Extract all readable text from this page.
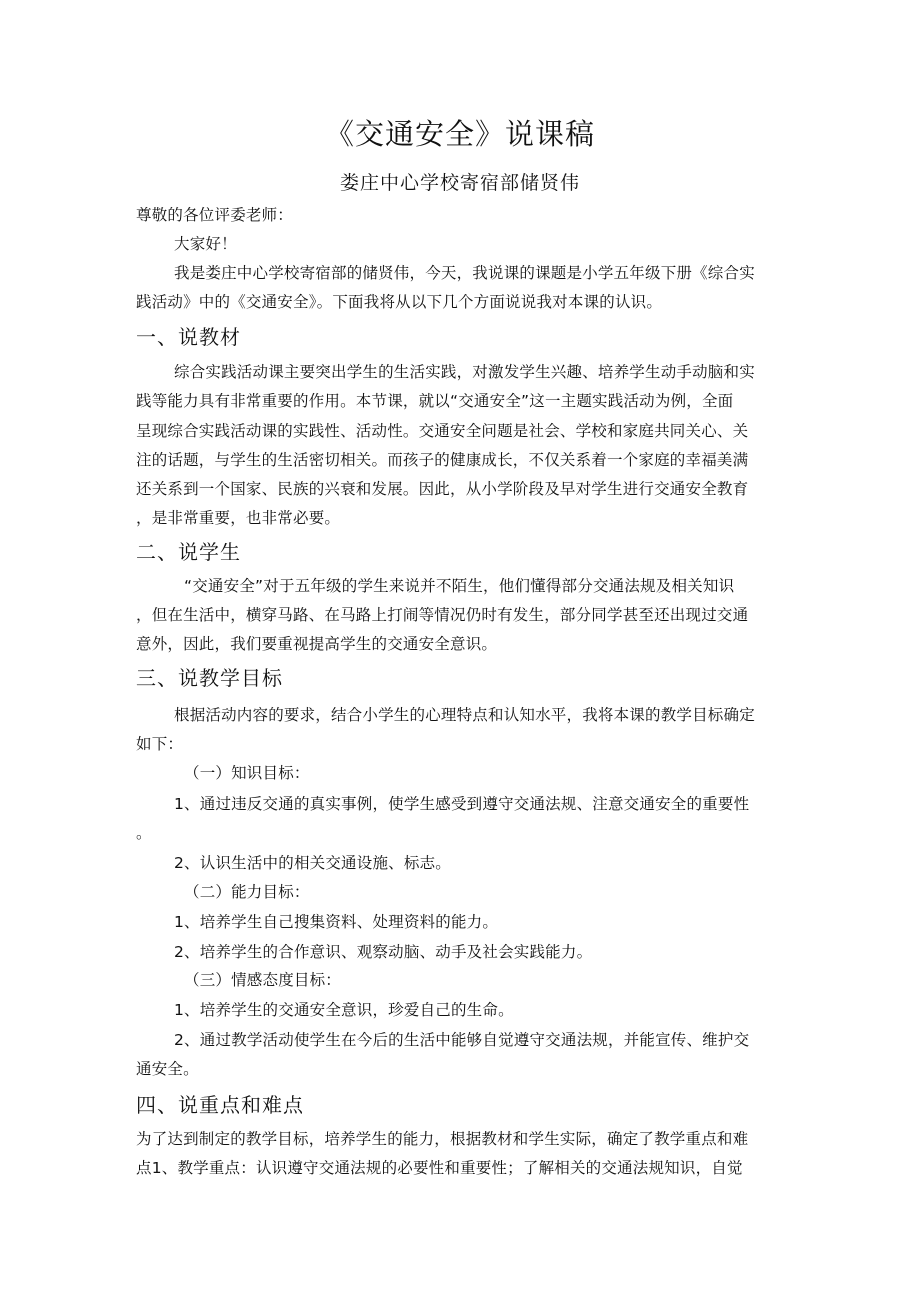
《交通安全》说课稿
娄庄中心学校寄宿部储贤伟
尊敬的各位评委老师：
大家好！
我是娄庄中心学校寄宿部的储贤伟，今天，我说课的课题是小学五年级下册《综合实
践活动》中的《交通安全》。下面我将从以下几个方面说说我对本课的认识。
一、说教材
综合实践活动课主要突出学生的生活实践，对激发学生兴趣、培养学生动手动脑和实
践等能力具有非常重要的作用。本节课，就以“交通安全”这一主题实践活动为例，全面
呈现综合实践活动课的实践性、活动性。交通安全问题是社会、学校和家庭共同关心、关
注的话题，与学生的生活密切相关。而孩子的健康成长，不仅关系着一个家庭的幸福美满
还关系到一个国家、民族的兴衰和发展。因此，从小学阶段及早对学生进行交通安全教育
，是非常重要，也非常必要。
二、说学生
“交通安全”对于五年级的学生来说并不陌生，他们懂得部分交通法规及相关知识
，但在生活中，横穿马路、在马路上打闹等情况仍时有发生，部分同学甚至还出现过交通
意外，因此，我们要重视提高学生的交通安全意识。
三、说教学目标
根据活动内容的要求，结合小学生的心理特点和认知水平，我将本课的教学目标确定
如下：
（一）知识目标：
1、通过违反交通的真实事例，使学生感受到遵守交通法规、注意交通安全的重要性
。
2、认识生活中的相关交通设施、标志。
（二）能力目标：
1、培养学生自己搜集资料、处理资料的能力。
2、培养学生的合作意识、观察动脑、动手及社会实践能力。
（三）情感态度目标：
1、培养学生的交通安全意识，珍爱自己的生命。
2、通过教学活动使学生在今后的生活中能够自觉遵守交通法规，并能宣传、维护交
通安全。
四、说重点和难点
为了达到制定的教学目标，培养学生的能力，根据教材和学生实际，确定了教学重点和难
点1、教学重点：认识遵守交通法规的必要性和重要性；了解相关的交通法规知识，自觉
